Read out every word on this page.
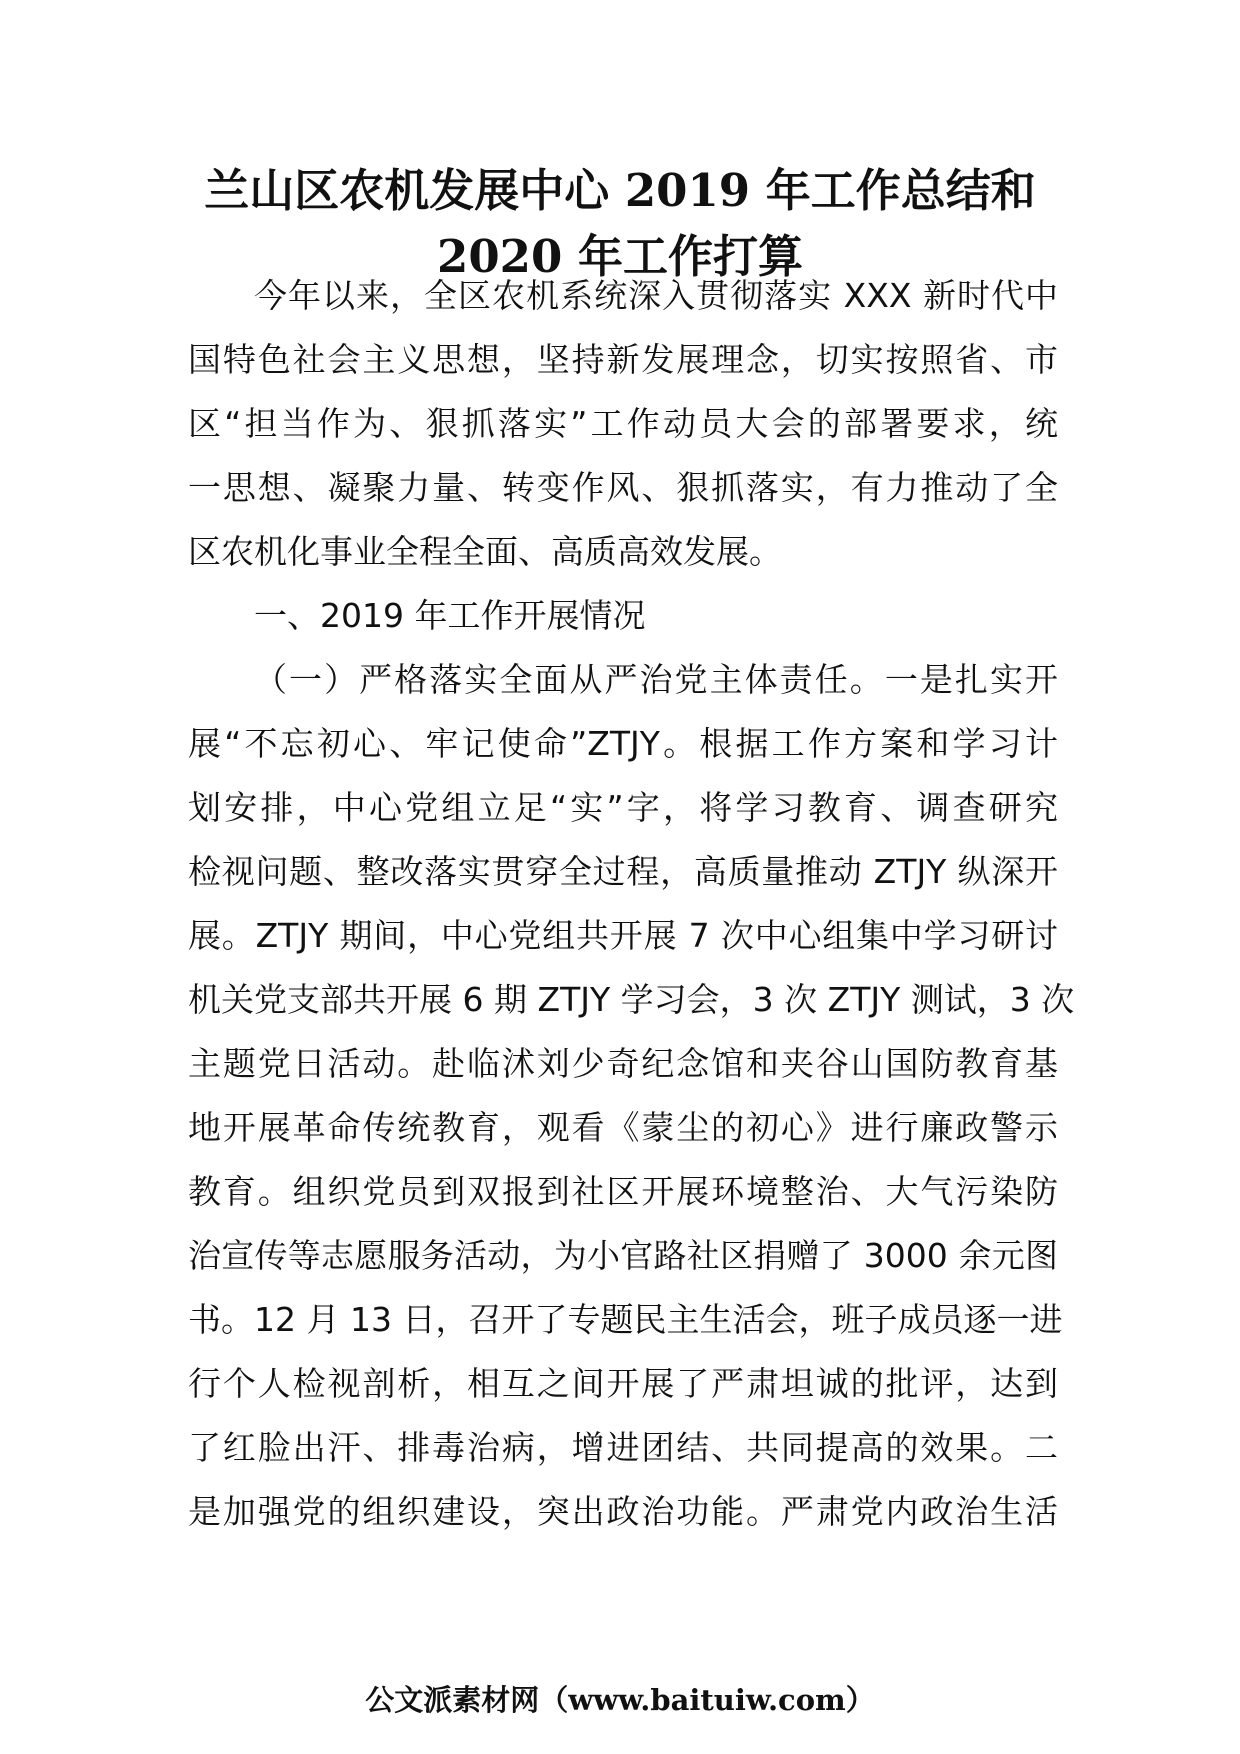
兰山区农机发展中心 2019 年工作总结和
2020 年工作打算
今年以来，全区农机系统深入贯彻落实 XXX 新时代中
国特色社会主义思想，坚持新发展理念，切实按照省、市
区“担当作为、狠抓落实”工作动员大会的部署要求，统
一思想、凝聚力量、转变作风、狠抓落实，有力推动了全
区农机化事业全程全面、高质高效发展。
一、2019 年工作开展情况
（一）严格落实全面从严治党主体责任。一是扎实开
展“不忘初心、牢记使命”ZTJY。根据工作方案和学习计
划安排，中心党组立足“实”字，将学习教育、调查研究
检视问题、整改落实贯穿全过程，高质量推动 ZTJY 纵深开
展。ZTJY 期间，中心党组共开展 7 次中心组集中学习研讨
机关党支部共开展 6 期 ZTJY 学习会，3 次 ZTJY 测试，3 次
主题党日活动。赴临沭刘少奇纪念馆和夹谷山国防教育基
地开展革命传统教育，观看《蒙尘的初心》进行廉政警示
教育。组织党员到双报到社区开展环境整治、大气污染防
治宣传等志愿服务活动，为小官路社区捐赠了 3000 余元图
书。12 月 13 日，召开了专题民主生活会，班子成员逐一进
行个人检视剖析，相互之间开展了严肃坦诚的批评，达到
了红脸出汗、排毒治病，增进团结、共同提高的效果。二
是加强党的组织建设，突出政治功能。严肃党内政治生活
公文派素材网（www.baituiw.com）
